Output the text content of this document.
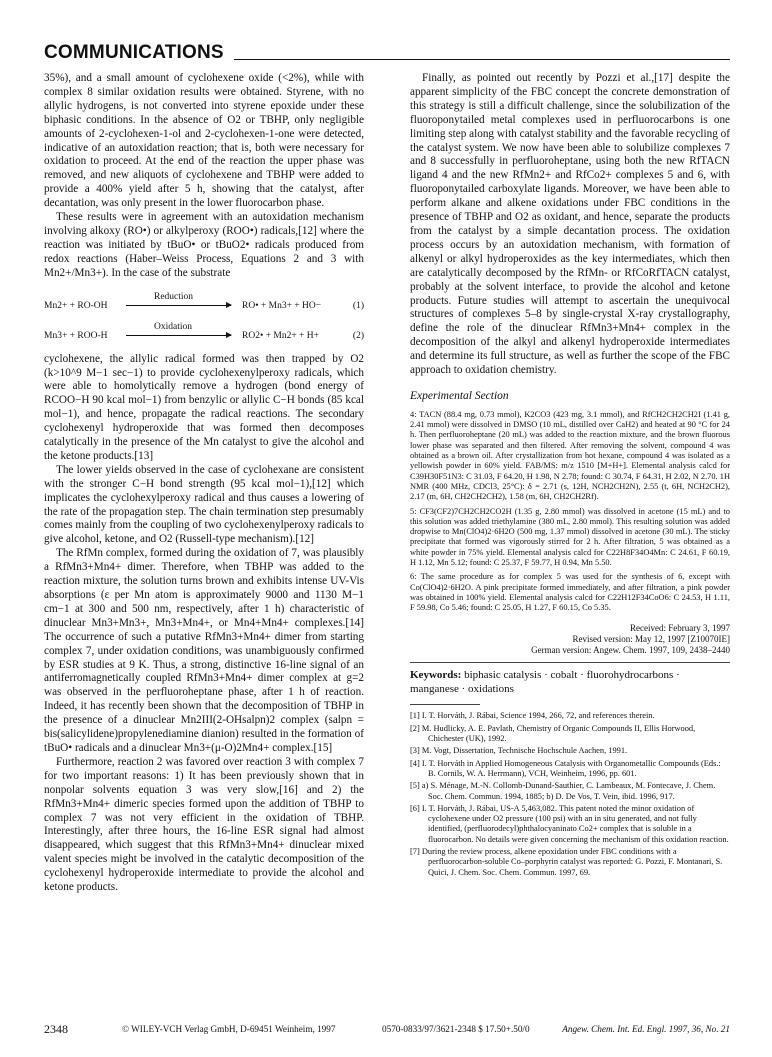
COMMUNICATIONS

35%), and a small amount of cyclohexene oxide (<2%), while with complex 8 similar oxidation results were obtained. Styrene, with no allylic hydrogens, is not converted into styrene epoxide under these biphasic conditions. In the absence of O2 or TBHP, only negligible amounts of 2-cyclohexen-1-ol and 2-cyclohexen-1-one were detected, indicative of an autoxidation reaction; that is, both were necessary for oxidation to proceed. At the end of the reaction the upper phase was removed, and new aliquots of cyclohexene and TBHP were added to provide a 400% yield after 5 h, showing that the catalyst, after decantation, was only present in the lower fluorocarbon phase.

These results were in agreement with an autoxidation mechanism involving alkoxy (RO•) or alkylperoxy (ROO•) radicals,[12] where the reaction was initiated by tBuO• or tBuO2• radicals produced from redox reactions (Haber–Weiss Process, Equations 2 and 3 with Mn2+/Mn3+). In the case of the substrate

Mn2+ + RO-OH
Reduction
RO• + Mn3+ + HO−	(1)
Mn3+ + ROO-H
Oxidation
RO2• + Mn2+ + H+	(2)

cyclohexene, the allylic radical formed was then trapped by O2 (k>10^9 M−1 sec−1) to provide cyclohexenylperoxy radicals, which were able to homolytically remove a hydrogen (bond energy of RCOO−H 90 kcal mol−1) from benzylic or allylic C−H bonds (85 kcal mol−1), and hence, propagate the radical reactions. The secondary cyclohexenyl hydroperoxide that was formed then decomposes catalytically in the presence of the Mn catalyst to give the alcohol and the ketone products.[13]

The lower yields observed in the case of cyclohexane are consistent with the stronger C−H bond strength (95 kcal mol−1),[12] which implicates the cyclohexylperoxy radical and thus causes a lowering of the rate of the propagation step. The chain termination step presumably comes mainly from the coupling of two cyclohexenylperoxy radicals to give alcohol, ketone, and O2 (Russell-type mechanism).[12]

The RfMn complex, formed during the oxidation of 7, was plausibly a RfMn3+Mn4+ dimer. Therefore, when TBHP was added to the reaction mixture, the solution turns brown and exhibits intense UV-Vis absorptions (ε per Mn atom is approximately 9000 and 1130 M−1 cm−1 at 300 and 500 nm, respectively, after 1 h) characteristic of dinuclear Mn3+Mn3+, Mn3+Mn4+, or Mn4+Mn4+ complexes.[14] The occurrence of such a putative RfMn3+Mn4+ dimer from starting complex 7, under oxidation conditions, was unambiguously confirmed by ESR studies at 9 K. Thus, a strong, distinctive 16-line signal of an antiferromagnetically coupled RfMn3+Mn4+ dimer complex at g=2 was observed in the perfluoroheptane phase, after 1 h of reaction. Indeed, it has recently been shown that the decomposition of TBHP in the presence of a dinuclear Mn2III(2-OHsalpn)2 complex (salpn = bis(salicylidene)propylenediamine dianion) resulted in the formation of tBuO• radicals and a dinuclear Mn3+(μ-O)2Mn4+ complex.[15]

Furthermore, reaction 2 was favored over reaction 3 with complex 7 for two important reasons: 1) It has been previously shown that in nonpolar solvents equation 3 was very slow,[16] and 2) the RfMn3+Mn4+ dimeric species formed upon the addition of TBHP to complex 7 was not very efficient in the oxidation of TBHP. Interestingly, after three hours, the 16-line ESR signal had almost disappeared, which suggest that this RfMn3+Mn4+ dinuclear mixed valent species might be involved in the catalytic decomposition of the cyclohexenyl hydroperoxide intermediate to provide the alcohol and ketone products.

Finally, as pointed out recently by Pozzi et al.,[17] despite the apparent simplicity of the FBC concept the concrete demonstration of this strategy is still a difficult challenge, since the solubilization of the fluoroponytailed metal complexes used in perfluorocarbons is one limiting step along with catalyst stability and the favorable recycling of the catalyst system. We now have been able to solubilize complexes 7 and 8 successfully in perfluoroheptane, using both the new RfTACN ligand 4 and the new RfMn2+ and RfCo2+ complexes 5 and 6, with fluoroponytailed carboxylate ligands. Moreover, we have been able to perform alkane and alkene oxidations under FBC conditions in the presence of TBHP and O2 as oxidant, and hence, separate the products from the catalyst by a simple decantation process. The oxidation process occurs by an autoxidation mechanism, with formation of alkenyl or alkyl hydroperoxides as the key intermediates, which then are catalytically decomposed by the RfMn- or RfCoRfTACN catalyst, probably at the solvent interface, to provide the alcohol and ketone products. Future studies will attempt to ascertain the unequivocal structures of complexes 5–8 by single-crystal X-ray crystallography, define the role of the dinuclear RfMn3+Mn4+ complex in the decomposition of the alkyl and alkenyl hydroperoxide intermediates and determine its full structure, as well as further the scope of the FBC approach to oxidation chemistry.

Experimental Section

4: TACN (88.4 mg, 0.73 mmol), K2CO3 (423 mg, 3.1 mmol), and RfCH2CH2CH2I (1.41 g, 2.41 mmol) were dissolved in DMSO (10 mL, distilled over CaH2) and heated at 90 °C for 24 h. Then perfluoroheptane (20 mL) was added to the reaction mixture, and the brown fluorous lower phase was separated and then filtered. After removing the solvent, compound 4 was obtained as a brown oil. After crystallization from hot hexane, compound 4 was isolated as a yellowish powder in 60% yield. FAB/MS: m/z 1510 [M+H+]. Elemental analysis calcd for C39H30F51N3: C 31.03, F 64.20, H 1.98, N 2.78; found: C 30.74, F 64.31, H 2.02, N 2.70. 1H NMR (400 MHz, CDCl3, 25°C): δ = 2.71 (s, 12H, NCH2CH2N), 2.55 (t, 6H, NCH2CH2), 2.17 (m, 6H, CH2CH2CH2), 1.58 (m, 6H, CH2CH2Rf).

5: CF3(CF2)7CH2CH2CO2H (1.35 g, 2.80 mmol) was dissolved in acetone (15 mL) and to this solution was added triethylamine (380 mL, 2.80 mmol). This resulting solution was added dropwise to Mn(ClO4)2·6H2O (500 mg, 1.37 mmol) dissolved in acetone (30 mL). The sticky precipitate that formed was vigorously stirred for 2 h. After filtration, 5 was obtained as a white powder in 75% yield. Elemental analysis calcd for C22H8F34O4Mn: C 24.61, F 60.19, H 1.12, Mn 5.12; found: C 25.37, F 59.77, H 0.94, Mn 5.50.

6: The same procedure as for complex 5 was used for the synthesis of 6, except with Co(ClO4)2·6H2O. A pink precipitate formed immediately, and after filtration, a pink powder was obtained in 100% yield. Elemental analysis calcd for C22H12F34CoO6: C 24.53, H 1.11, F 59.98, Co 5.46; found: C 25.05, H 1.27, F 60.15, Co 5.35.

Received: February 3, 1997

Revised version: May 12, 1997 [Z10070IE]

German version: Angew. Chem. 1997, 109, 2438–2440

Keywords: biphasic catalysis · cobalt · fluorohydrocarbons · manganese · oxidations

[1] I. T. Horváth, J. Rábai, Science 1994, 266, 72, and references therein.

[2] M. Hudlicky, A. E. Pavlath, Chemistry of Organic Compounds II, Ellis Horwood, Chichester (UK), 1992.

[3] M. Vogt, Dissertation, Technische Hochschule Aachen, 1991.

[4] I. T. Horváth in Applied Homogeneous Catalysis with Organometallic Compounds (Eds.: B. Cornils, W. A. Herrmann), VCH, Weinheim, 1996, pp. 601.

[5] a) S. Ménage, M.-N. Collomb-Dunand-Sauthier, C. Lambeaux, M. Fontecave, J. Chem. Soc. Chem. Commun. 1994, 1885; b) D. De Vos, T. Vein, ibid. 1996, 917.

[6] I. T. Horváth, J. Rábai, US-A 5,463,082. This patent noted the minor oxidation of cyclohexene under O2 pressure (100 psi) with an in situ generated, and not fully identified, (perfluorodecyl)phthalocyaninato Co2+ complex that is soluble in a fluorocarbon. No details were given concerning the mechanism of this oxidation reaction.

[7] During the review process, alkene epoxidation under FBC conditions with a perfluorocarbon-soluble Co–porphyrin catalyst was reported: G. Pozzi, F. Montanari, S. Quici, J. Chem. Soc. Chem. Commun. 1997, 69.

2348	© WILEY-VCH Verlag GmbH, D-69451 Weinheim, 1997	0570-0833/97/3621-2348 $ 17.50+.50/0	Angew. Chem. Int. Ed. Engl. 1997, 36, No. 21
